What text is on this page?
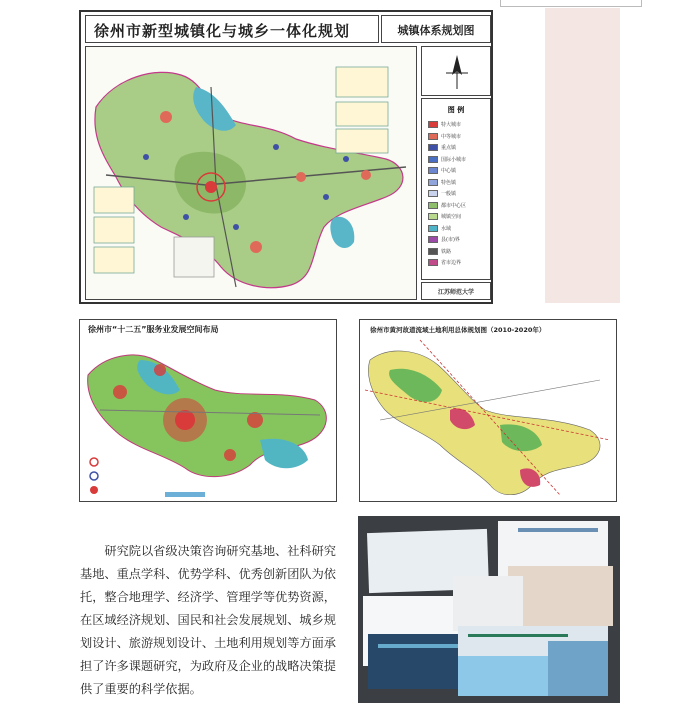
徐州市新型城镇化与城乡一体化规划	城镇体系规划图
图 例
特大城市
中等城市
重点镇
国际小城市
中心镇
特色镇
一般镇
都市中心区
城镇空间
水域
县(市)界
铁路
省市边界
江苏师范大学
徐州市“十二五”服务业发展空间布局	徐州市黄河故道流域土地利用总体规划图（2010-2020年）
研究院以省级决策咨询研究基地、社科研究基地、重点学科、优势学科、优秀创新团队为依托，整合地理学、经济学、管理学等优势资源，在区域经济规划、国民和社会发展规划、城乡规划设计、旅游规划设计、土地利用规划等方面承担了许多课题研究，为政府及企业的战略决策提供了重要的科学依据。
